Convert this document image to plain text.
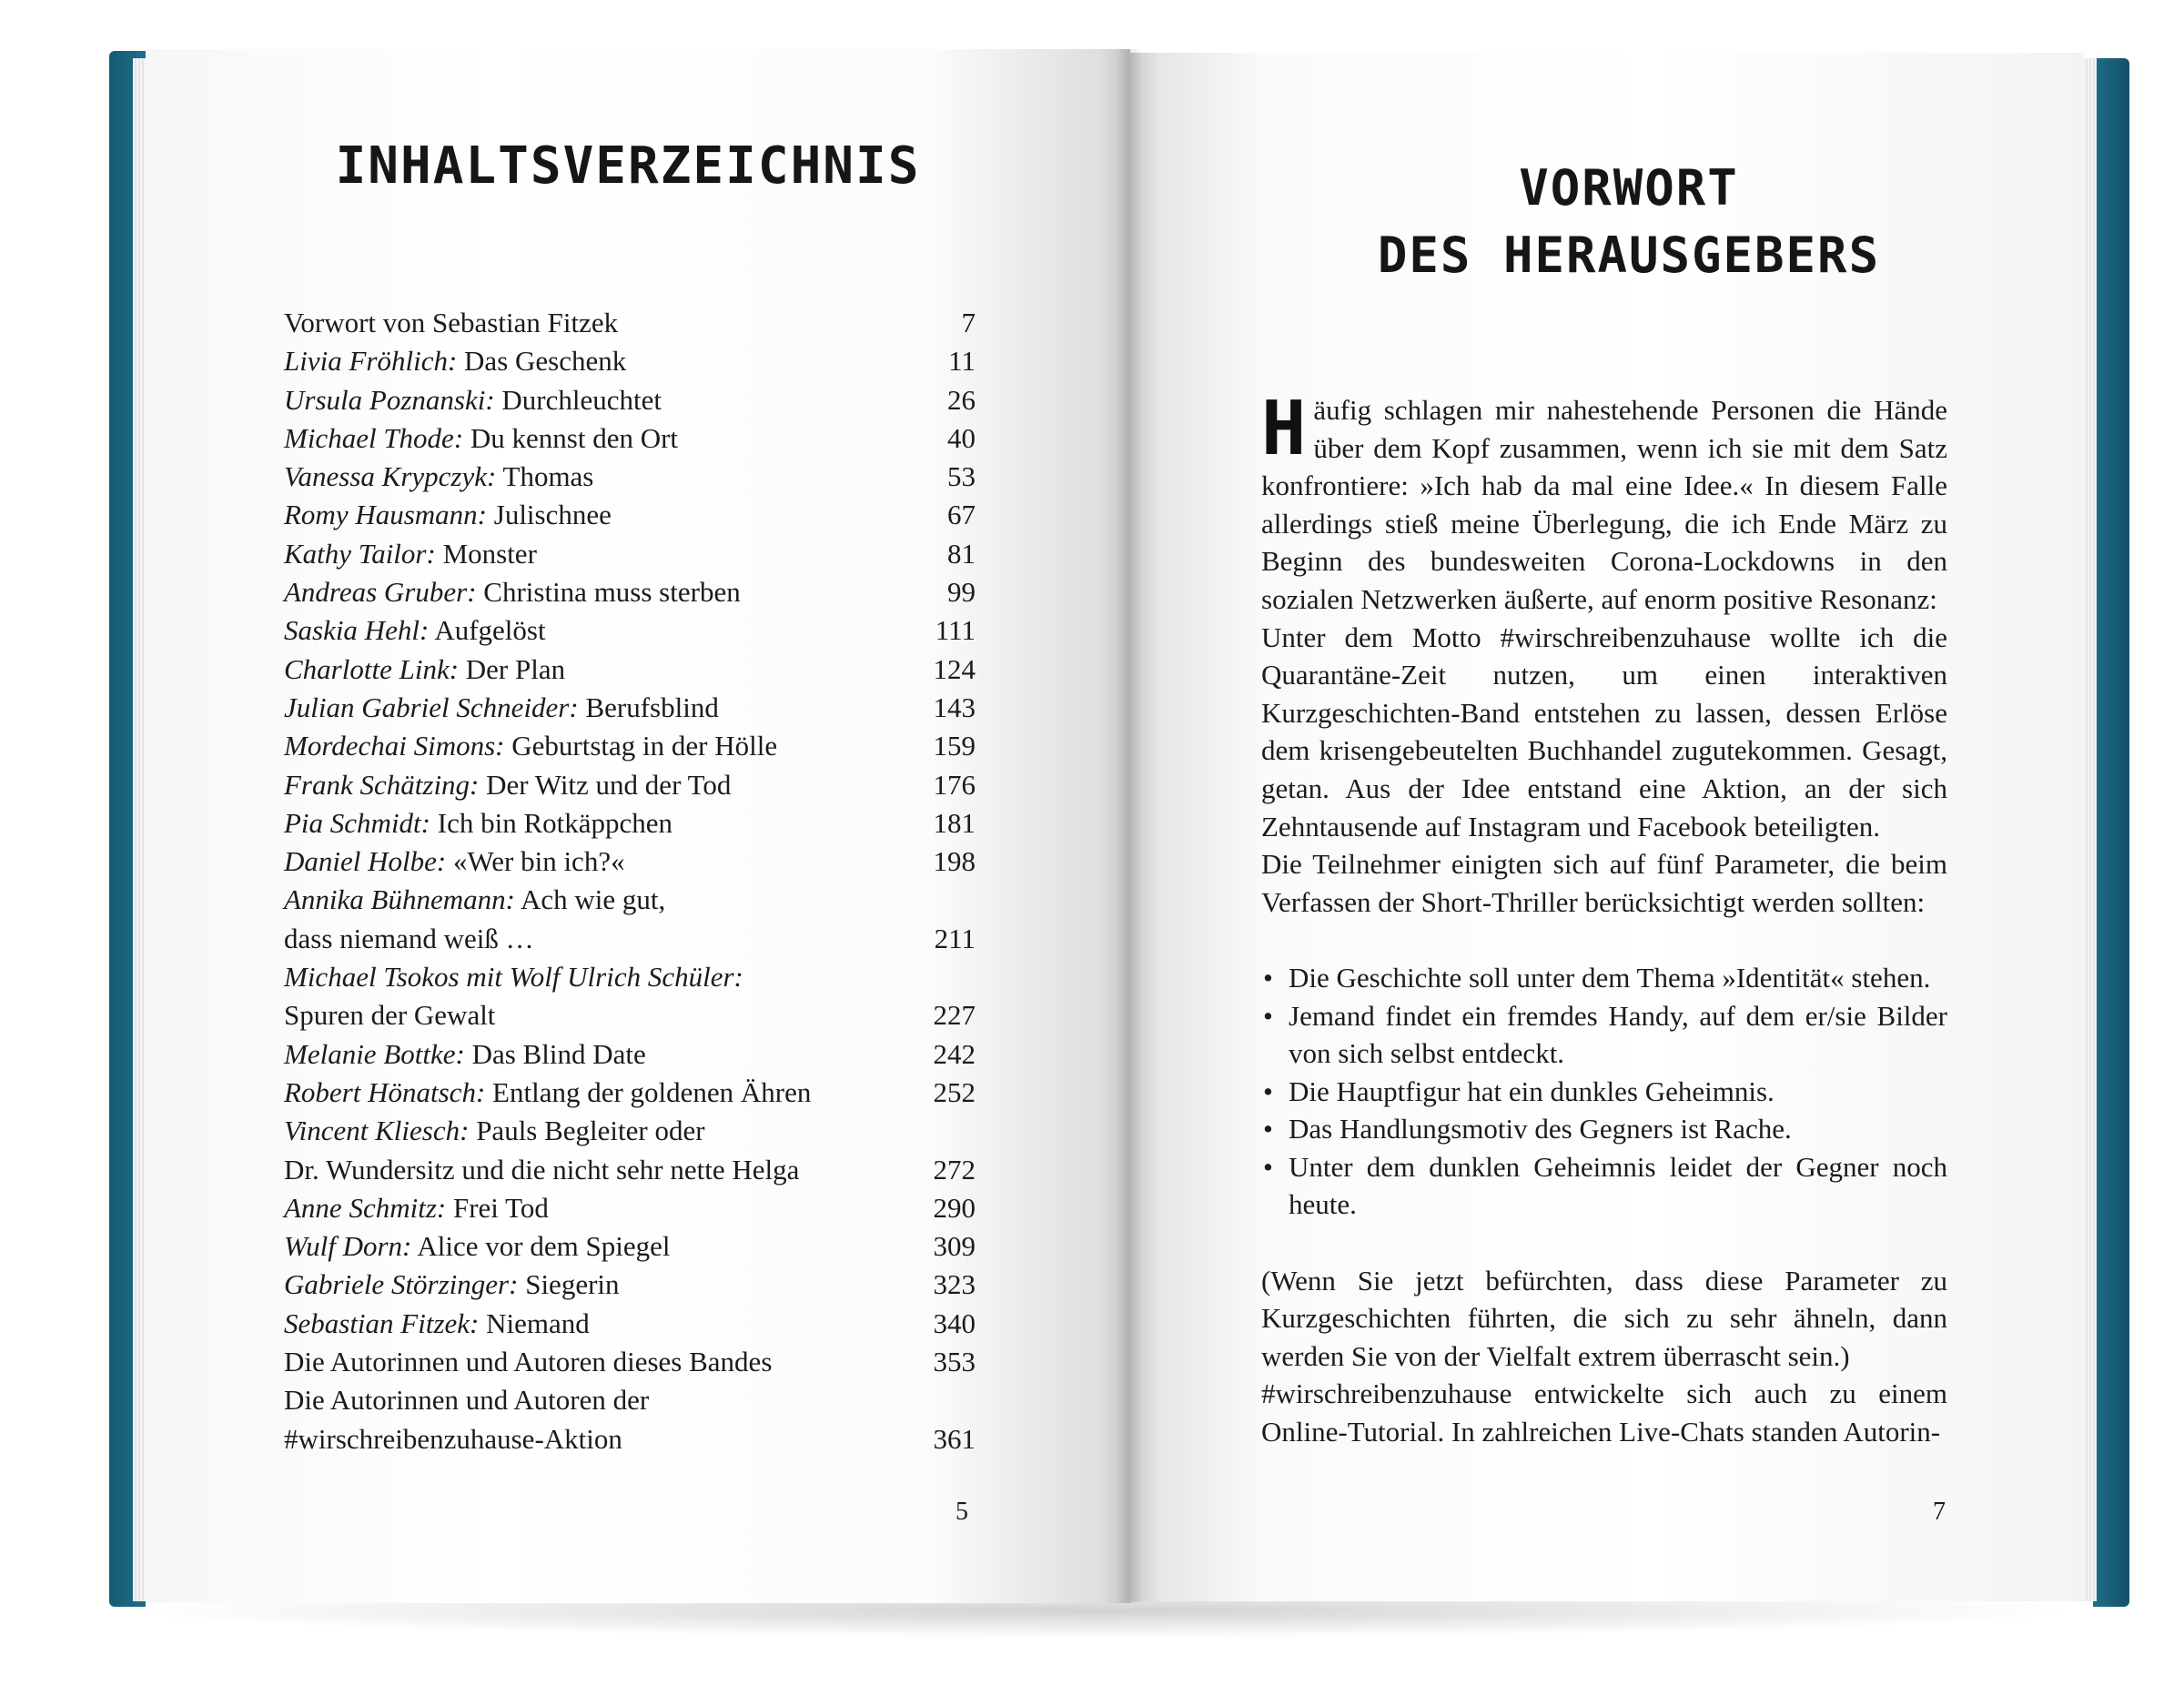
INHALTSVERZEICHNIS
Vorwort von Sebastian Fitzek	7
Livia Fröhlich: Das Geschenk	11
Ursula Poznanski: Durchleuchtet	26
Michael Thode: Du kennst den Ort	40
Vanessa Krypczyk: Thomas	53
Romy Hausmann: Julischnee	67
Kathy Tailor: Monster	81
Andreas Gruber: Christina muss sterben	99
Saskia Hehl: Aufgelöst	111
Charlotte Link: Der Plan	124
Julian Gabriel Schneider: Berufsblind	143
Mordechai Simons: Geburtstag in der Hölle	159
Frank Schätzing: Der Witz und der Tod	176
Pia Schmidt: Ich bin Rotkäppchen	181
Daniel Holbe: «Wer bin ich?«	198
Annika Bühnemann: Ach wie gut,
dass niemand weiß …	211
Michael Tsokos mit Wolf Ulrich Schüler:
Spuren der Gewalt	227
Melanie Bottke: Das Blind Date	242
Robert Hönatsch: Entlang der goldenen Ähren	252
Vincent Kliesch: Pauls Begleiter oder
Dr. Wundersitz und die nicht sehr nette Helga	272
Anne Schmitz: Frei Tod	290
Wulf Dorn: Alice vor dem Spiegel	309
Gabriele Störzinger: Siegerin	323
Sebastian Fitzek: Niemand	340
Die Autorinnen und Autoren dieses Bandes	353
Die Autorinnen und Autoren der
#wirschreibenzuhause-Aktion	361
5
VORWORT
DES HERAUSGEBERS

Häufig schlagen mir nahestehende Personen die Hände über dem Kopf zusammen, wenn ich sie mit dem Satz konfrontiere: »Ich hab da mal eine Idee.« In diesem Falle allerdings stieß meine Überlegung, die ich Ende März zu Beginn des bundesweiten Corona-Lockdowns in den sozialen Netzwerken äußerte, auf enorm positive Resonanz:

Unter dem Motto #wirschreibenzuhause wollte ich die Quarantäne-Zeit nutzen, um einen interaktiven Kurzgeschichten-Band entstehen zu lassen, dessen Erlöse dem krisengebeutelten Buchhandel zugutekommen. Gesagt, getan. Aus der Idee entstand eine Aktion, an der sich Zehntausende auf Instagram und Facebook beteiligten.

Die Teilnehmer einigten sich auf fünf Parameter, die beim Verfassen der Short-Thriller berücksichtigt werden sollten:

• Die Geschichte soll unter dem Thema »Identität« stehen.
• Jemand findet ein fremdes Handy, auf dem er/sie Bilder von sich selbst entdeckt.
• Die Hauptfigur hat ein dunkles Geheimnis.
• Das Handlungsmotiv des Gegners ist Rache.
• Unter dem dunklen Geheimnis leidet der Gegner noch heute.

(Wenn Sie jetzt befürchten, dass diese Parameter zu Kurzgeschichten führten, die sich zu sehr ähneln, dann werden Sie von der Vielfalt extrem überrascht sein.)

#wirschreibenzuhause entwickelte sich auch zu einem Online-Tutorial. In zahlreichen Live-Chats standen Autorin-

7
